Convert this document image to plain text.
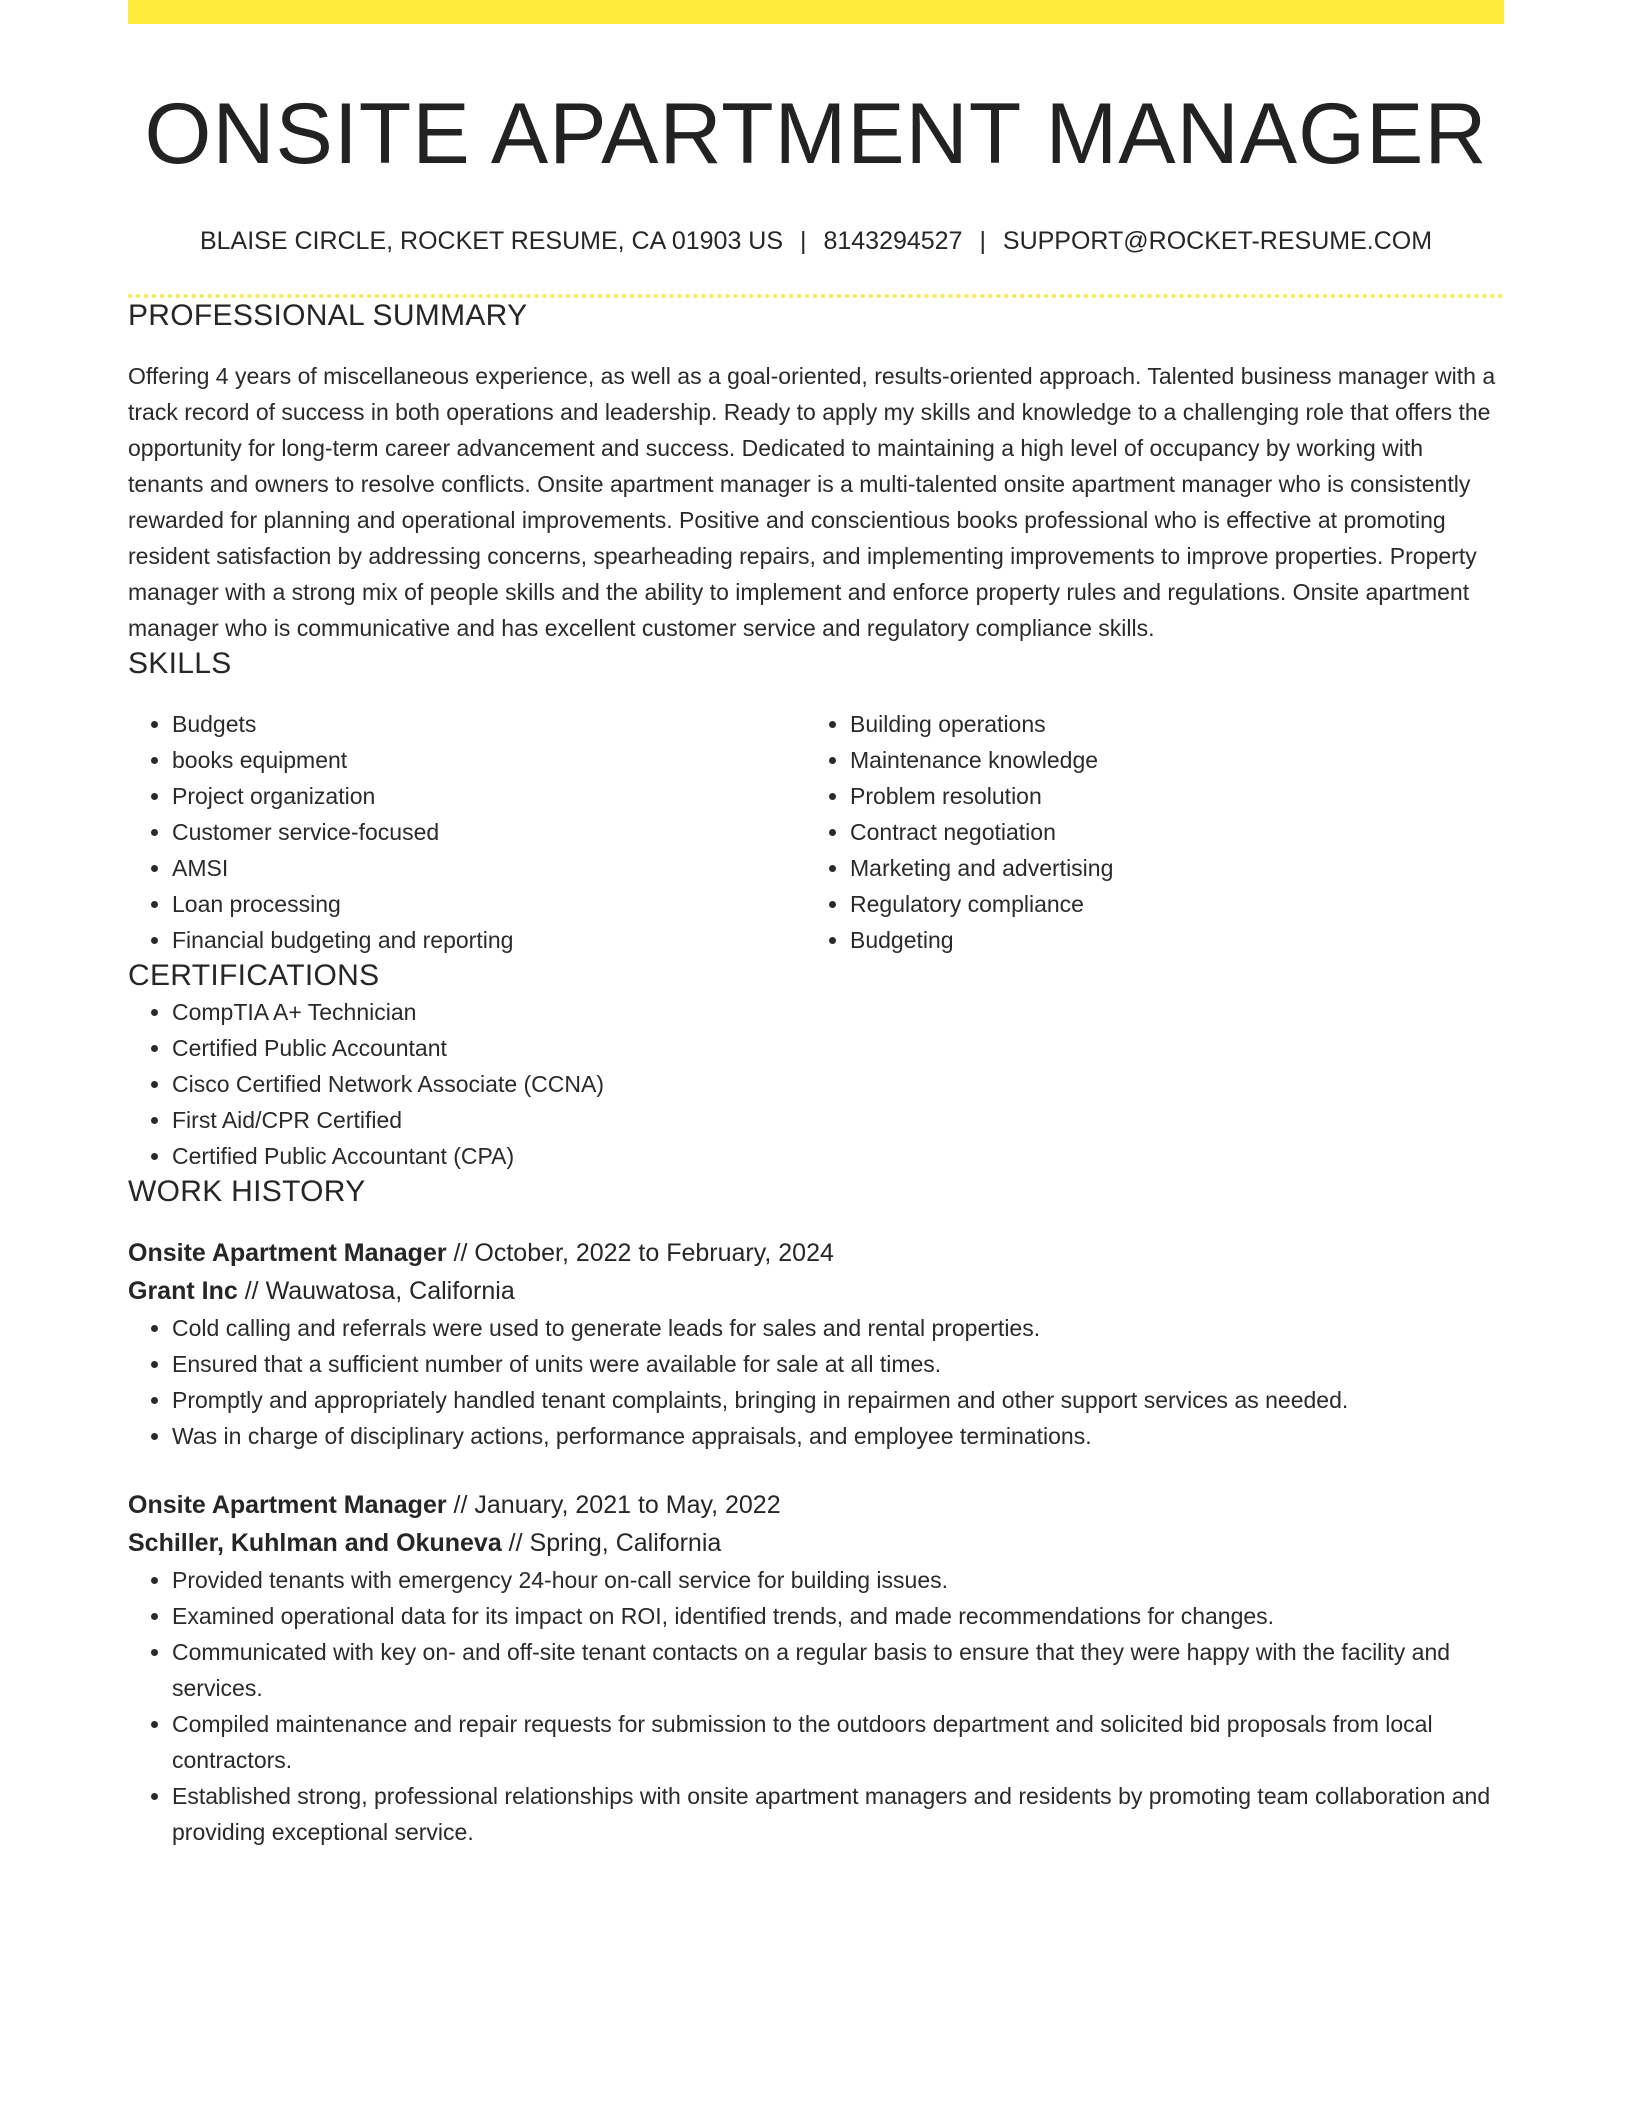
ONSITE APARTMENT MANAGER
BLAISE CIRCLE, ROCKET RESUME, CA 01903 US | 8143294527 | SUPPORT@ROCKET-RESUME.COM
PROFESSIONAL SUMMARY
Offering 4 years of miscellaneous experience, as well as a goal-oriented, results-oriented approach. Talented business manager with a track record of success in both operations and leadership. Ready to apply my skills and knowledge to a challenging role that offers the opportunity for long-term career advancement and success. Dedicated to maintaining a high level of occupancy by working with tenants and owners to resolve conflicts. Onsite apartment manager is a multi-talented onsite apartment manager who is consistently rewarded for planning and operational improvements. Positive and conscientious books professional who is effective at promoting resident satisfaction by addressing concerns, spearheading repairs, and implementing improvements to improve properties. Property manager with a strong mix of people skills and the ability to implement and enforce property rules and regulations. Onsite apartment manager who is communicative and has excellent customer service and regulatory compliance skills.
SKILLS
• Budgets
• books equipment
• Project organization
• Customer service-focused
• AMSI
• Loan processing
• Financial budgeting and reporting
• Building operations
• Maintenance knowledge
• Problem resolution
• Contract negotiation
• Marketing and advertising
• Regulatory compliance
• Budgeting
CERTIFICATIONS
• CompTIA A+ Technician
• Certified Public Accountant
• Cisco Certified Network Associate (CCNA)
• First Aid/CPR Certified
• Certified Public Accountant (CPA)
WORK HISTORY
Onsite Apartment Manager // October, 2022 to February, 2024
Grant Inc // Wauwatosa, California
• Cold calling and referrals were used to generate leads for sales and rental properties.
• Ensured that a sufficient number of units were available for sale at all times.
• Promptly and appropriately handled tenant complaints, bringing in repairmen and other support services as needed.
• Was in charge of disciplinary actions, performance appraisals, and employee terminations.
Onsite Apartment Manager // January, 2021 to May, 2022
Schiller, Kuhlman and Okuneva // Spring, California
• Provided tenants with emergency 24-hour on-call service for building issues.
• Examined operational data for its impact on ROI, identified trends, and made recommendations for changes.
• Communicated with key on- and off-site tenant contacts on a regular basis to ensure that they were happy with the facility and services.
• Compiled maintenance and repair requests for submission to the outdoors department and solicited bid proposals from local contractors.
• Established strong, professional relationships with onsite apartment managers and residents by promoting team collaboration and providing exceptional service.
